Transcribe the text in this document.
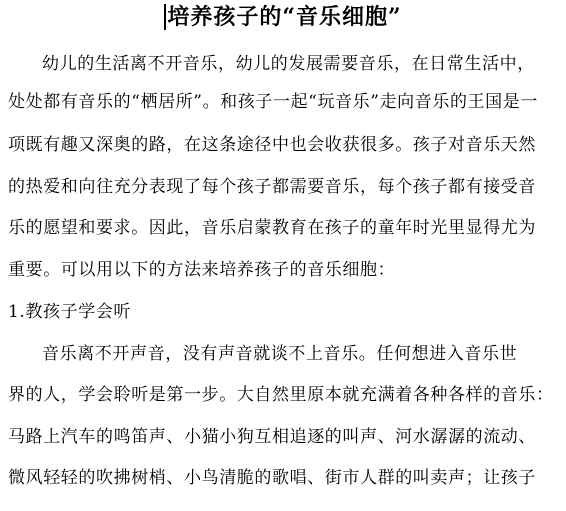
培养孩子的“音乐细胞”
幼儿的生活离不开音乐，幼儿的发展需要音乐，在日常生活中，
处处都有音乐的“栖居所”。和孩子一起“玩音乐”走向音乐的王国是一
项既有趣又深奥的路，在这条途径中也会收获很多。孩子对音乐天然
的热爱和向往充分表现了每个孩子都需要音乐，每个孩子都有接受音
乐的愿望和要求。因此，音乐启蒙教育在孩子的童年时光里显得尤为
重要。可以用以下的方法来培养孩子的音乐细胞：
1.教孩子学会听
音乐离不开声音，没有声音就谈不上音乐。任何想进入音乐世
界的人，学会聆听是第一步。大自然里原本就充满着各种各样的音乐：
马路上汽车的鸣笛声、小猫小狗互相追逐的叫声、河水潺潺的流动、
微风轻轻的吹拂树梢、小鸟清脆的歌唱、街市人群的叫卖声；让孩子
